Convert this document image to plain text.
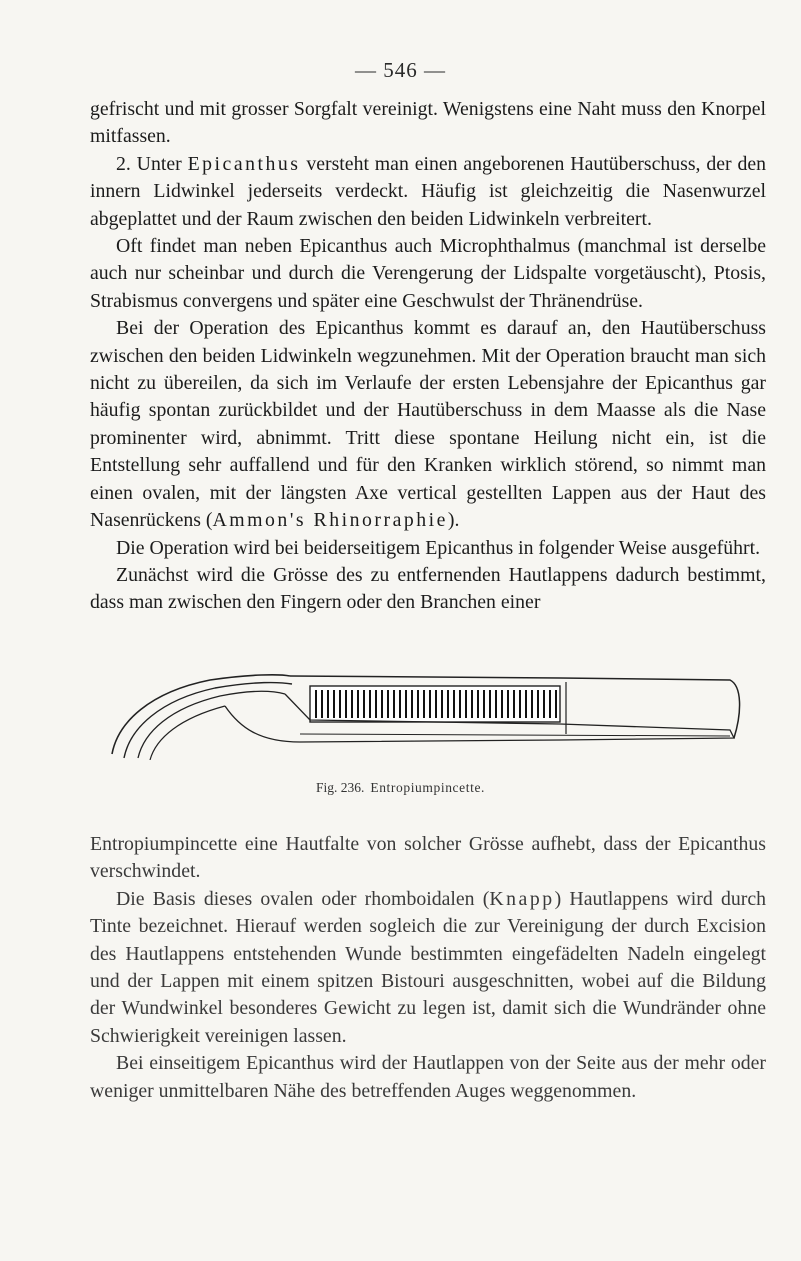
— 546 —

gefrischt und mit grosser Sorgfalt vereinigt. Wenigstens eine Naht muss den Knorpel mitfassen.

2. Unter Epicanthus versteht man einen angeborenen Hautüberschuss, der den innern Lidwinkel jederseits verdeckt. Häufig ist gleichzeitig die Nasenwurzel abgeplattet und der Raum zwischen den beiden Lidwinkeln verbreitert.

Oft findet man neben Epicanthus auch Microphthalmus (manchmal ist derselbe auch nur scheinbar und durch die Verengerung der Lidspalte vorgetäuscht), Ptosis, Strabismus convergens und später eine Geschwulst der Thränendrüse.

Bei der Operation des Epicanthus kommt es darauf an, den Hautüberschuss zwischen den beiden Lidwinkeln wegzunehmen. Mit der Operation braucht man sich nicht zu übereilen, da sich im Verlaufe der ersten Lebensjahre der Epicanthus gar häufig spontan zurückbildet und der Hautüberschuss in dem Maasse als die Nase prominenter wird, abnimmt. Tritt diese spontane Heilung nicht ein, ist die Entstellung sehr auffallend und für den Kranken wirklich störend, so nimmt man einen ovalen, mit der längsten Axe vertical gestellten Lappen aus der Haut des Nasenrückens (Ammon's Rhinorraphie).

Die Operation wird bei beiderseitigem Epicanthus in folgender Weise ausgeführt.

Zunächst wird die Grösse des zu entfernenden Hautlappens dadurch bestimmt, dass man zwischen den Fingern oder den Branchen einer

Fig. 236. Entropiumpincette.

Entropiumpincette eine Hautfalte von solcher Grösse aufhebt, dass der Epicanthus verschwindet.

Die Basis dieses ovalen oder rhomboidalen (Knapp) Hautlappens wird durch Tinte bezeichnet. Hierauf werden sogleich die zur Vereinigung der durch Excision des Hautlappens entstehenden Wunde bestimmten eingefädelten Nadeln eingelegt und der Lappen mit einem spitzen Bistouri ausgeschnitten, wobei auf die Bildung der Wundwinkel besonderes Gewicht zu legen ist, damit sich die Wundränder ohne Schwierigkeit vereinigen lassen.

Bei einseitigem Epicanthus wird der Hautlappen von der Seite aus der mehr oder weniger unmittelbaren Nähe des betreffenden Auges weggenommen.
